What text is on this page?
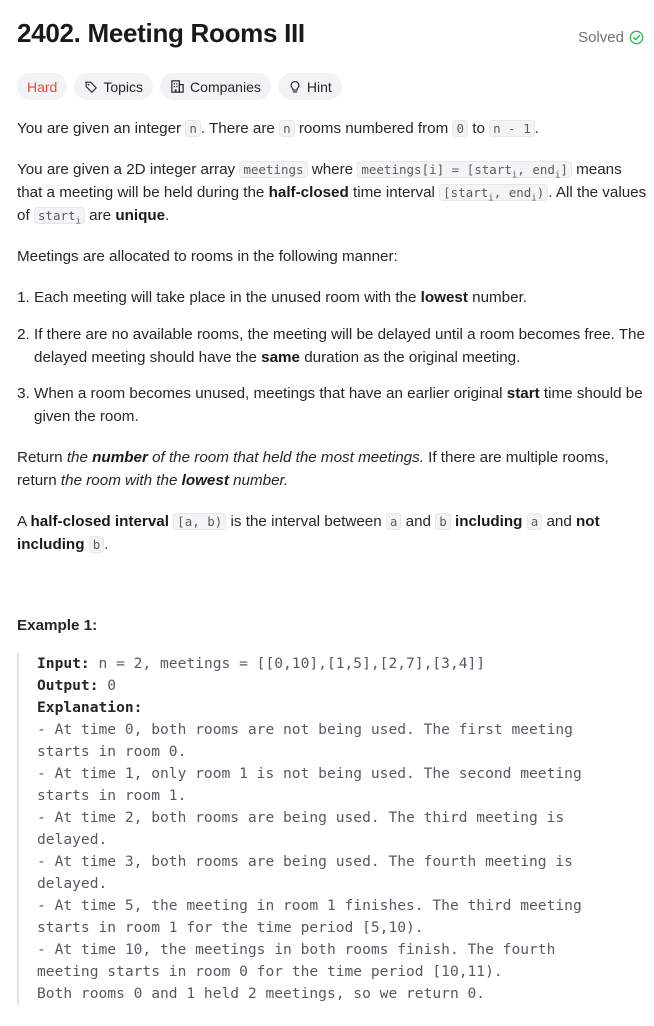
2402. Meeting Rooms III	Solved
Hard	Topics	Companies	Hint

You are given an integer n . There are n rooms numbered from 0 to n - 1 .

You are given a 2D integer array meetings where meetings[i] = [start$_i$, end$_i$] means that a meeting will be held during the half-closed time interval [start$_i$, end$_i$) . All the values of start$_i$ are unique.

Meetings are allocated to rooms in the following manner:

1. Each meeting will take place in the unused room with the lowest number.
2. If there are no available rooms, the meeting will be delayed until a room becomes free. The delayed meeting should have the same duration as the original meeting.
3. When a room becomes unused, meetings that have an earlier original start time should be given the room.

Return the number of the room that held the most meetings. If there are multiple rooms, return the room with the lowest number.

A half-closed interval [a, b) is the interval between a and b including a and not including b .

Example 1:

Input: n = 2, meetings = [[0,10],[1,5],[2,7],[3,4]]
Output: 0
Explanation:
- At time 0, both rooms are not being used. The first meeting
starts in room 0.
- At time 1, only room 1 is not being used. The second meeting
starts in room 1.
- At time 2, both rooms are being used. The third meeting is
delayed.
- At time 3, both rooms are being used. The fourth meeting is
delayed.
- At time 5, the meeting in room 1 finishes. The third meeting
starts in room 1 for the time period [5,10).
- At time 10, the meetings in both rooms finish. The fourth
meeting starts in room 0 for the time period [10,11).
Both rooms 0 and 1 held 2 meetings, so we return 0.
